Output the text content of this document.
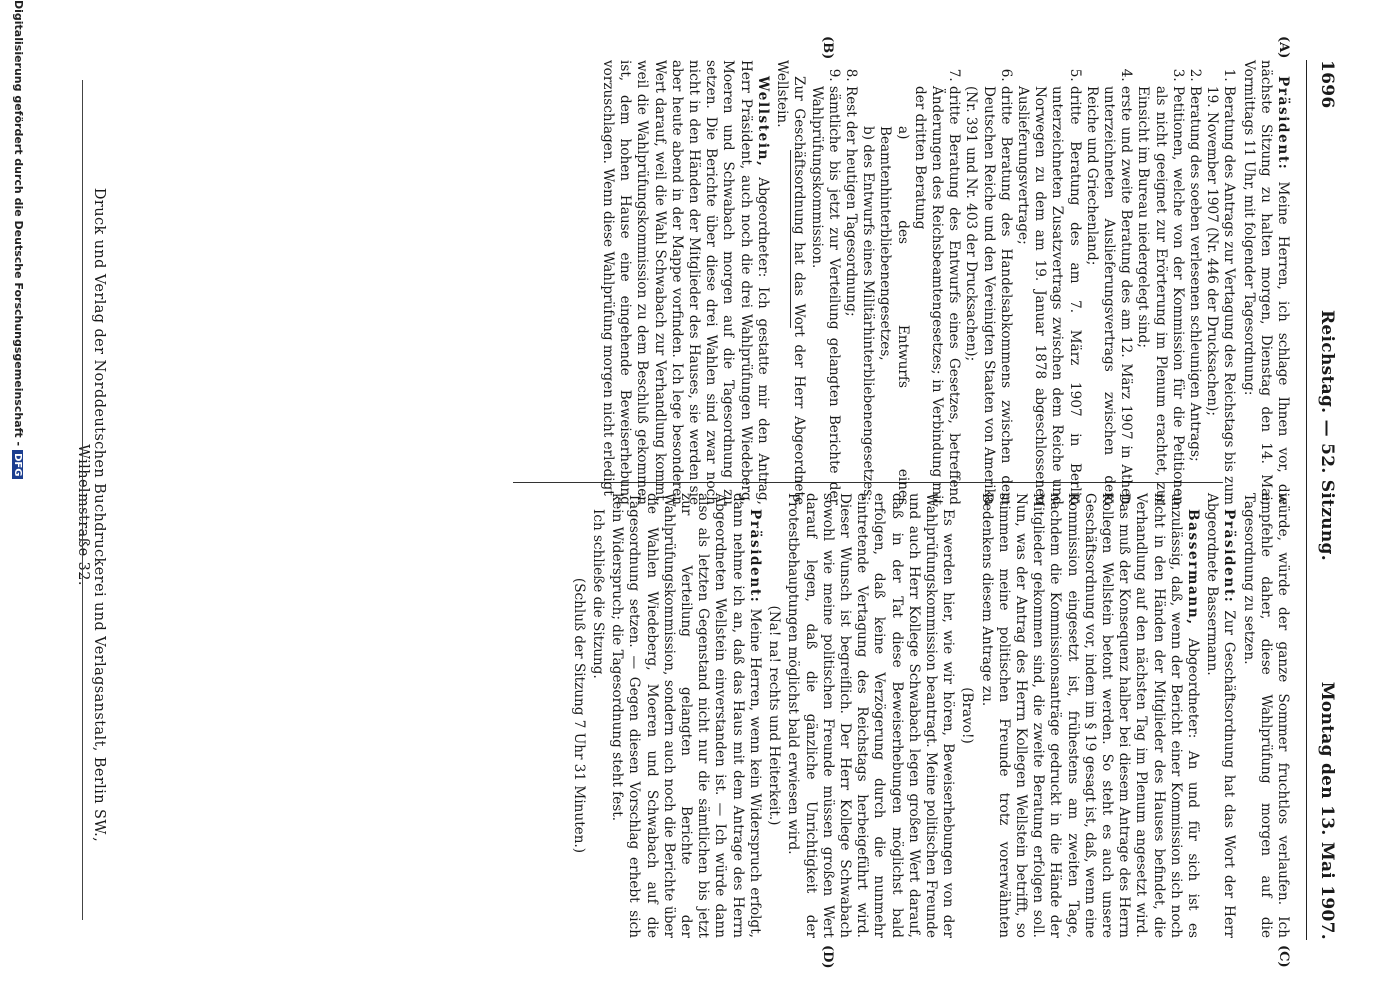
1696
Reichstag. — 52. Sitzung.
Montag den 13. Mai 1907.
(A)
(B)
(C)
(D)

Präsident: Meine Herren, ich schlage Ihnen vor, die nächste Sitzung zu halten morgen, Dienstag den 14. Mai, Vormittags 11 Uhr, mit folgender Tagesordnung:

1. Beratung des Antrags zur Vertagung des Reichstags bis zum 19. November 1907 (Nr. 446 der Drucksachen);
2. Beratung des soeben verlesenen schleunigen Antrags;
3. Petitionen, welche von der Kommission für die Petitionen als nicht geeignet zur Erörterung im Plenum erachtet, zur Einsicht im Bureau niedergelegt sind;
4. erste und zweite Beratung des am 12. März 1907 in Athen unterzeichneten Auslieferungsvertrags zwischen dem Reiche und Griechenland;
5. dritte Beratung des am 7. März 1907 in Berlin unterzeichneten Zusatzvertrags zwischen dem Reiche und Norwegen zu dem am 19. Januar 1878 abgeschlossenen Auslieferungsvertrage;
6. dritte Beratung des Handelsabkommens zwischen dem Deutschen Reiche und den Vereinigten Staaten von Amerika (Nr. 391 und Nr. 403 der Drucksachen);
7. dritte Beratung des Entwurfs eines Gesetzes, betreffend Änderungen des Reichsbeamtengesetzes; in Verbindung mit der dritten Beratung
a) des Entwurfs eines Beamtenhinterbliebenengesetzes,
b) des Entwurfs eines Militärhinterbliebenengesetzes;
8. Rest der heutigen Tagesordnung;
9. sämtliche bis jetzt zur Verteilung gelangten Berichte der Wahlprüfungskommission.

Zur Geschäftsordnung hat das Wort der Herr Abgeordnete Wellstein.

Wellstein, Abgeordneter: Ich gestatte mir den Antrag, Herr Präsident, auch noch die drei Wahlprüfungen Wiedeberg, Moeren und Schwabach morgen auf die Tagesordnung zu setzen. Die Berichte über diese drei Wahlen sind zwar noch nicht in den Händen der Mitglieder des Hauses, sie werden sie aber heute abend in der Mappe vorfinden. Ich lege besonderen Wert darauf, weil die Wahl Schwabach zur Verhandlung kommt, weil die Wahlprüfungskommission zu dem Beschluß gekommen ist, dem hohen Hause eine eingehende Beweiserhebung vorzuschlagen. Wenn diese Wahlprüfung morgen nicht erledigt

würde, würde der ganze Sommer fruchtlos verlaufen. Ich empfehle daher, diese Wahlprüfung morgen auf die Tagesordnung zu setzen.

Präsident: Zur Geschäftsordnung hat das Wort der Herr Abgeordnete Bassermann.

Bassermann, Abgeordneter: An und für sich ist es unzulässig, daß, wenn der Bericht einer Kommission sich noch nicht in den Händen der Mitglieder des Hauses befindet, die Verhandlung auf den nächsten Tag im Plenum angesetzt wird. Das muß der Konsequenz halber bei diesem Antrage des Herrn Kollegen Wellstein betont werden. So steht es auch unsere Geschäftsordnung vor, indem im § 19 gesagt ist, daß, wenn eine Kommission eingesetzt ist, frühestens am zweiten Tage, nachdem die Kommissionsanträge gedruckt in die Hände der Mitglieder gekommen sind, die zweite Beratung erfolgen soll. Nun, was der Antrag des Herrn Kollegen Wellstein betrifft, so stimmen meine politischen Freunde trotz vorerwähnten Bedenkens diesem Antrage zu.

(Bravo!)

Es werden hier, wie wir hören, Beweiserhebungen von der Wahlprüfungskommission beantragt. Meine politischen Freunde und auch Herr Kollege Schwabach legen großen Wert darauf, daß in der Tat diese Beweiserhebungen möglichst bald erfolgen, daß keine Verzögerung durch die nunmehr eintretende Vertagung des Reichstags herbeigeführt wird. Dieser Wunsch ist begreiflich. Der Herr Kollege Schwabach sowohl wie meine politischen Freunde müssen großen Wert darauf legen, daß die gänzliche Unrichtigkeit der Protestbehauptungen möglichst bald erwiesen wird.

(Na! na! rechts und Heiterkeit.)

Präsident: Meine Herren, wenn kein Widerspruch erfolgt, dann nehme ich an, daß das Haus mit dem Antrage des Herrn Abgeordneten Wellstein einverstanden ist. — Ich würde dann also als letzten Gegenstand nicht nur die sämtlichen bis jetzt zur Verteilung gelangten Berichte der Wahlprüfungskommission, sondern auch noch die Berichte über die Wahlen Wiedeberg, Moeren und Schwabach auf die Tagesordnung setzen. — Gegen diesen Vorschlag erhebt sich kein Widerspruch; die Tagesordnung steht fest.

Ich schließe die Sitzung.

(Schluß der Sitzung 7 Uhr 31 Minuten.)

Druck und Verlag der Norddeutschen Buchdruckerei und Verlagsanstalt, Berlin SW., Wilhelmstraße 32.
Digitalisierung gefördert durch die Deutsche Forschungsgemeinschaft -DFG
